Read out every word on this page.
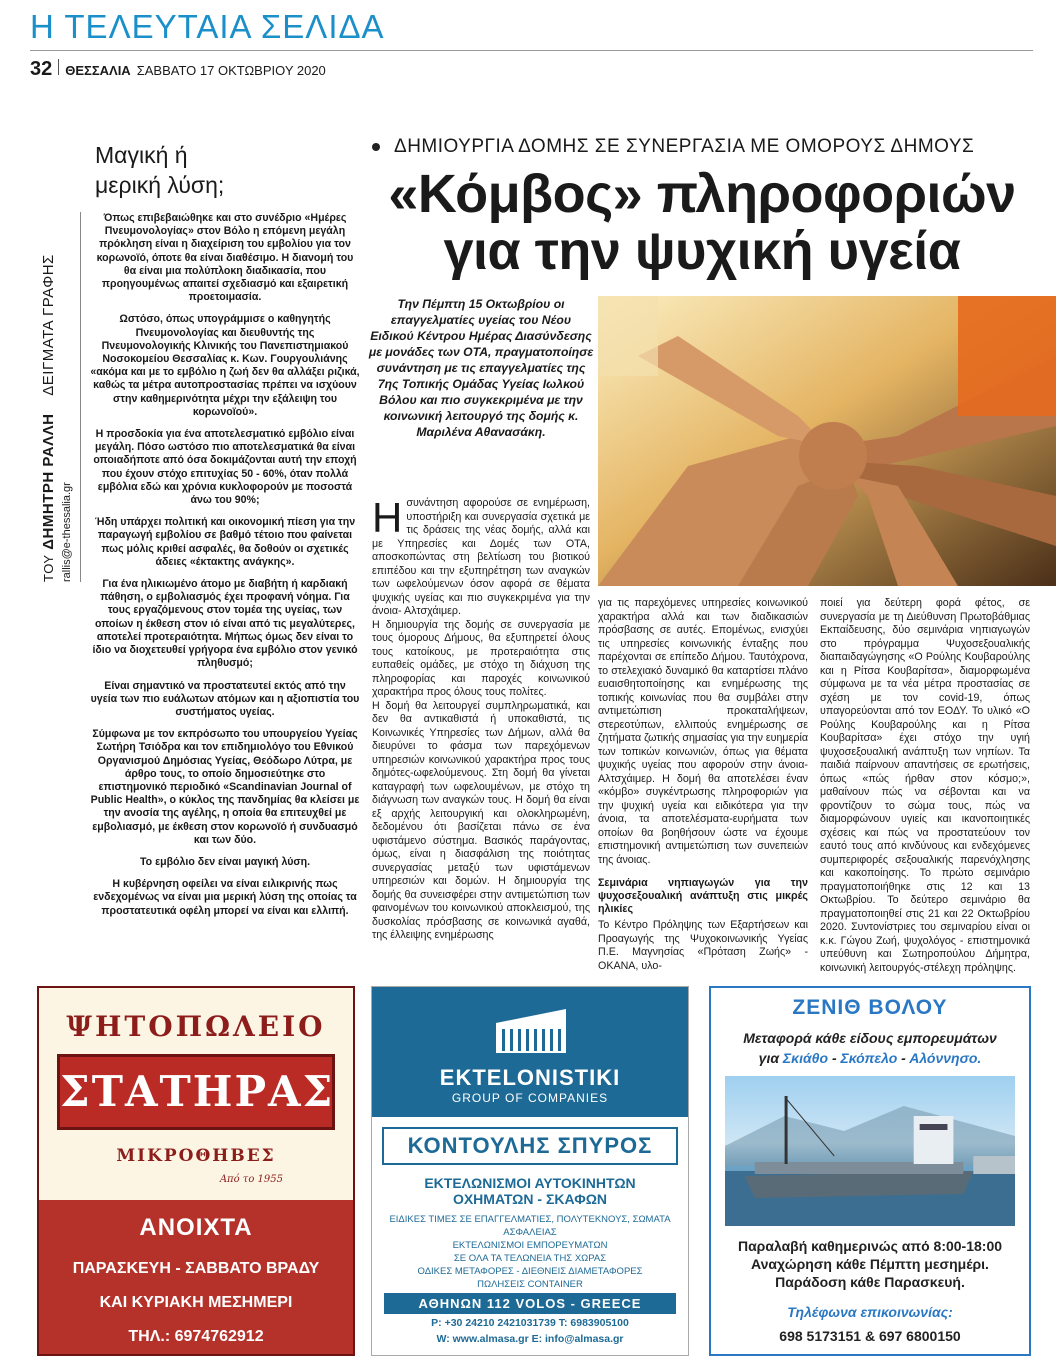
Η ΤΕΛΕΥΤΑΙΑ ΣΕΛΙΔΑ
32 ΘΕΣΣΑΛΙΑ ΣΑΒΒΑΤΟ 17 ΟΚΤΩΒΡΙΟΥ 2020
Μαγική ή
μερική λύση;
ΤΟΥ ΔΗΜΗΤΡΗ ΡΑΛΛΗ    ΔΕΙΓΜΑΤΑ ΓΡΑΦΗΣ
rallis@e-thessalia.gr

Όπως επιβεβαιώθηκε και στο συνέδριο «Ημέρες Πνευμονολογίας» στον Βόλο η επόμενη μεγάλη πρόκληση είναι η διαχείριση του εμβολίου για τον κορωνοϊό, όποτε θα είναι διαθέσιμο. Η διανομή του θα είναι μια πολύπλοκη διαδικασία, που προηγουμένως απαιτεί σχεδιασμό και εξαιρετική προετοιμασία.

Ωστόσο, όπως υπογράμμισε ο καθηγητής Πνευμονολογίας και διευθυντής της Πνευμονολογικής Κλινικής του Πανεπιστημιακού Νοσοκομείου Θεσσαλίας κ. Κων. Γουργουλιάνης «ακόμα και με το εμβόλιο η ζωή δεν θα αλλάξει ριζικά, καθώς τα μέτρα αυτοπροστασίας πρέπει να ισχύουν στην καθημερινότητα μέχρι την εξάλειψη του κορωνοϊού».

Η προσδοκία για ένα αποτελεσματικό εμβόλιο είναι μεγάλη. Πόσο ωστόσο πιο αποτελεσματικά θα είναι οποιαδήποτε από όσα δοκιμάζονται αυτή την εποχή που έχουν στόχο επιτυχίας 50 - 60%, όταν πολλά εμβόλια εδώ και χρόνια κυκλοφορούν με ποσοστά άνω του 90%;

Ήδη υπάρχει πολιτική και οικονομική πίεση για την παραγωγή εμβολίου σε βαθμό τέτοιο που φαίνεται πως μόλις κριθεί ασφαλές, θα δοθούν οι σχετικές άδειες «έκτακτης ανάγκης».

Για ένα ηλικιωμένο άτομο με διαβήτη ή καρδιακή πάθηση, ο εμβολιασμός έχει προφανή νόημα. Για τους εργαζόμενους στον τομέα της υγείας, των οποίων η έκθεση στον ιό είναι από τις μεγαλύτερες, αποτελεί προτεραιότητα. Μήπως όμως δεν είναι το ίδιο να διοχετευθεί γρήγορα ένα εμβόλιο στον γενικό πληθυσμό;

Είναι σημαντικό να προστατευτεί εκτός από την υγεία των πιο ευάλωτων ατόμων και η αξιοπιστία του συστήματος υγείας.

Σύμφωνα με τον εκπρόσωπο του υπουργείου Υγείας Σωτήρη Τσιόδρα και τον επιδημιολόγο του Εθνικού Οργανισμού Δημόσιας Υγείας, Θεόδωρο Λύτρα, με άρθρο τους, το οποίο δημοσιεύτηκε στο επιστημονικό περιοδικό «Scandinavian Journal of Public Health», ο κύκλος της πανδημίας θα κλείσει με την ανοσία της αγέλης, η οποία θα επιτευχθεί με εμβολιασμό, με έκθεση στον κορωνοϊό ή συνδυασμό και των δύο.

Το εμβόλιο δεν είναι μαγική λύση.

Η κυβέρνηση οφείλει να είναι ειλικρινής πως ενδεχομένως να είναι μια μερική λύση της οποίας τα προστατευτικά οφέλη μπορεί να είναι και ελλιπή.

ΔΗΜΙΟΥΡΓΙΑ ΔΟΜΗΣ ΣΕ ΣΥΝΕΡΓΑΣΙΑ ΜΕ ΟΜΟΡΟΥΣ ΔΗΜΟΥΣ
«Κόμβος» πληροφοριών
για την ψυχική υγεία
Την Πέμπτη 15 Οκτωβρίου οι επαγγελματίες υγείας του Νέου Ειδικού Κέντρου Ημέρας Διασύνδεσης με μονάδες των ΟΤΑ, πραγματοποίησε συνάντηση με τις επαγγελματίες της 7ης Τοπικής Ομάδας Υγείας Ιωλκού Βόλου και πιο συγκεκριμένα με την κοινωνική λειτουργό της δομής κ. Μαριλένα Αθανασάκη.
Η συνάντηση αφορούσε σε ενημέρωση, υποστήριξη και συνεργασία σχετικά με τις δράσεις της νέας δομής, αλλά και με Υπηρεσίες και Δομές των ΟΤΑ, αποσκοπώντας στη βελτίωση του βιοτικού επιπέδου και την εξυπηρέτηση των αναγκών των ωφελούμενων όσον αφορά σε θέματα ψυχικής υγείας και πιο συγκεκριμένα για την άνοια- Αλτσχάιμερ.

Η δημιουργία της δομής σε συνεργασία με τους όμορους Δήμους, θα εξυπηρετεί όλους τους κατοίκους, με προτεραιότητα στις ευπαθείς ομάδες, με στόχο τη διάχυση της πληροφορίας και παροχές κοινωνικού χαρακτήρα προς όλους τους πολίτες.

Η δομή θα λειτουργεί συμπληρωματικά, και δεν θα αντικαθιστά ή υποκαθιστά, τις Κοινωνικές Υπηρεσίες των Δήμων, αλλά θα διευρύνει το φάσμα των παρεχόμενων υπηρεσιών κοινωνικού χαρακτήρα προς τους δημότες-ωφελούμενους. Στη δομή θα γίνεται καταγραφή των ωφελουμένων, με στόχο τη διάγνωση των αναγκών τους. Η δομή θα είναι εξ αρχής λειτουργική και ολοκληρωμένη, δεδομένου ότι βασίζεται πάνω σε ένα υφιστάμενο σύστημα. Βασικός παράγοντας, όμως, είναι η διασφάλιση της ποιότητας συνεργασίας μεταξύ των υφιστάμενων υπηρεσιών και δομών. Η δημιουργία της δομής θα συνεισφέρει στην αντιμετώπιση των φαινομένων του κοινωνικού αποκλεισμού, της δυσκολίας πρόσβασης σε κοινωνικά αγαθά, της έλλειψης ενημέρωσης

για τις παρεχόμενες υπηρεσίες κοινωνικού χαρακτήρα αλλά και των διαδικασιών πρόσβασης σε αυτές. Επομένως, ενισχύει τις υπηρεσίες κοινωνικής ένταξης που παρέχονται σε επίπεδο Δήμου. Ταυτόχρονα, το στελεχιακό δυναμικό θα καταρτίσει πλάνο ευαισθητοποίησης και ενημέρωσης της τοπικής κοινωνίας που θα συμβάλει στην αντιμετώπιση προκαταλήψεων, στερεοτύπων, ελλιπούς ενημέρωσης σε ζητήματα ζωτικής σημασίας για την ευημερία των τοπικών κοινωνιών, όπως για θέματα ψυχικής υγείας που αφορούν στην άνοια- Αλτσχάιμερ. Η δομή θα αποτελέσει έναν «κόμβο» συγκέντρωσης πληροφοριών για την ψυχική υγεία και ειδικότερα για την άνοια, τα αποτελέσματα-ευρήματα των οποίων θα βοηθήσουν ώστε να έχουμε επιστημονική αντιμετώπιση των συνεπειών της άνοιας.

Σεμινάρια νηπιαγωγών για την ψυχοσεξουαλική ανάπτυξη στις μικρές ηλικίες

Το Κέντρο Πρόληψης των Εξαρτήσεων και Προαγωγής της Ψυχοκοινωνικής Υγείας Π.Ε. Μαγνησίας «Πρόταση Ζωής» - ΟΚΑΝΑ, υλο-

ποιεί για δεύτερη φορά φέτος, σε συνεργασία με τη Διεύθυνση Πρωτοβάθμιας Εκπαίδευσης, δύο σεμινάρια νηπιαγωγών στο πρόγραμμα Ψυχοσεξουαλικής διαπαιδαγώγησης «Ο Ρούλης Κουβαρούλης και η Ρίτσα Κουβαρίτσα», διαμορφωμένα σύμφωνα με τα νέα μέτρα προστασίας σε σχέση με τον covid-19, όπως υπαγορεύονται από τον ΕΟΔΥ. Το υλικό «Ο Ρούλης Κουβαρούλης και η Ρίτσα Κουβαρίτσα» έχει στόχο την υγιή ψυχοσεξουαλική ανάπτυξη των νηπίων. Τα παιδιά παίρνουν απαντήσεις σε ερωτήσεις, όπως «πώς ήρθαν στον κόσμο;», μαθαίνουν πώς να σέβονται και να φροντίζουν το σώμα τους, πώς να διαμορφώνουν υγιείς και ικανοποιητικές σχέσεις και πώς να προστατεύουν τον εαυτό τους από κινδύνους και ενδεχόμενες συμπεριφορές σεξουαλικής παρενόχλησης και κακοποίησης. Το πρώτο σεμινάριο πραγματοποιήθηκε στις 12 και 13 Οκτωβρίου. Το δεύτερο σεμινάριο θα πραγματοποιηθεί στις 21 και 22 Οκτωβρίου 2020. Συντονίστριες του σεμιναρίου είναι οι κ.κ. Γώγου Ζωή, ψυχολόγος - επιστημονικά υπεύθυνη και Σωτηροπούλου Δήμητρα, κοινωνική λειτουργός-στέλεχη πρόληψης.

ΨΗΤΟΠΩΛΕΙΟ
ΣΤΑΤΗΡΑΣ
ΜΙΚΡΟΘΗΒΕΣ
Από το 1955
ΑΝΟΙΧΤΑ
ΠΑΡΑΣΚΕΥΗ - ΣΑΒΒΑΤΟ ΒΡΑΔΥ
ΚΑΙ ΚΥΡΙΑΚΗ ΜΕΣΗΜΕΡΙ
ΤΗΛ.: 6974762912
EKTELONISTIKI
GROUP OF COMPANIES
ΚΟΝΤΟΥΛΗΣ ΣΠΥΡΟΣ
ΕΚΤΕΛΩΝΙΣΜΟΙ ΑΥΤΟΚΙΝΗΤΩΝ
ΟΧΗΜΑΤΩΝ - ΣΚΑΦΩΝ
ΕΙΔΙΚΕΣ ΤΙΜΕΣ ΣΕ ΕΠΑΓΓΕΛΜΑΤΙΕΣ, ΠΟΛΥΤΕΚΝΟΥΣ, ΣΩΜΑΤΑ ΑΣΦΑΛΕΙΑΣ
ΕΚΤΕΛΩΝΙΣΜΟΙ ΕΜΠΟΡΕΥΜΑΤΩΝ
ΣΕ ΟΛΑ ΤΑ ΤΕΛΩΝΕΙΑ ΤΗΣ ΧΩΡΑΣ
ΟΔΙΚΕΣ ΜΕΤΑΦΟΡΕΣ - ΔΙΕΘΝΕΙΣ ΔΙΑΜΕΤΑΦΟΡΕΣ
ΠΩΛΗΣΕΙΣ CONTAINER
ΑΘΗΝΩΝ 112 VOLOS - GREECE
P: +30 24210 2421031739 T: 6983905100
W: www.almasa.gr E: info@almasa.gr
ΖΕΝΙΘ ΒΟΛΟΥ
Μεταφορά κάθε είδους εμπορευμάτων
για Σκιάθο - Σκόπελο - Αλόννησο.
Παραλαβή καθημερινώς από 8:00-18:00
Αναχώρηση κάθε Πέμπτη μεσημέρι.
Παράδοση κάθε Παρασκευή.
Τηλέφωνα επικοινωνίας:
698 5173151 & 697 6800150
